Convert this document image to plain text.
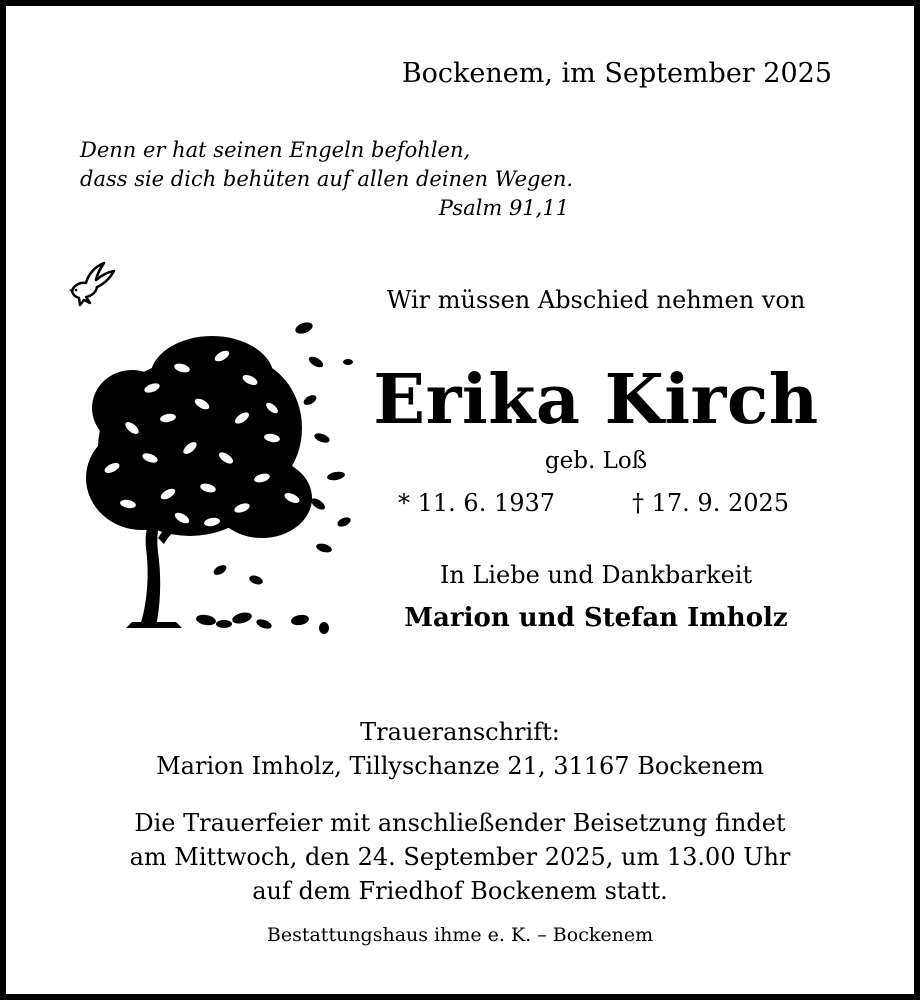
Bockenem, im September 2025
Denn er hat seinen Engeln befohlen,
dass sie dich behüten auf allen deinen Wegen.
Psalm 91,11
Wir müssen Abschied nehmen von
Erika Kirch
geb. Loß
* 11. 6. 1937	† 17. 9. 2025
In Liebe und Dankbarkeit
Marion und Stefan Imholz
Traueranschrift:
Marion Imholz, Tillyschanze 21, 31167 Bockenem
Die Trauerfeier mit anschließender Beisetzung findet
am Mittwoch, den 24. September 2025, um 13.00 Uhr
auf dem Friedhof Bockenem statt.
Bestattungshaus ihme e. K. – Bockenem
